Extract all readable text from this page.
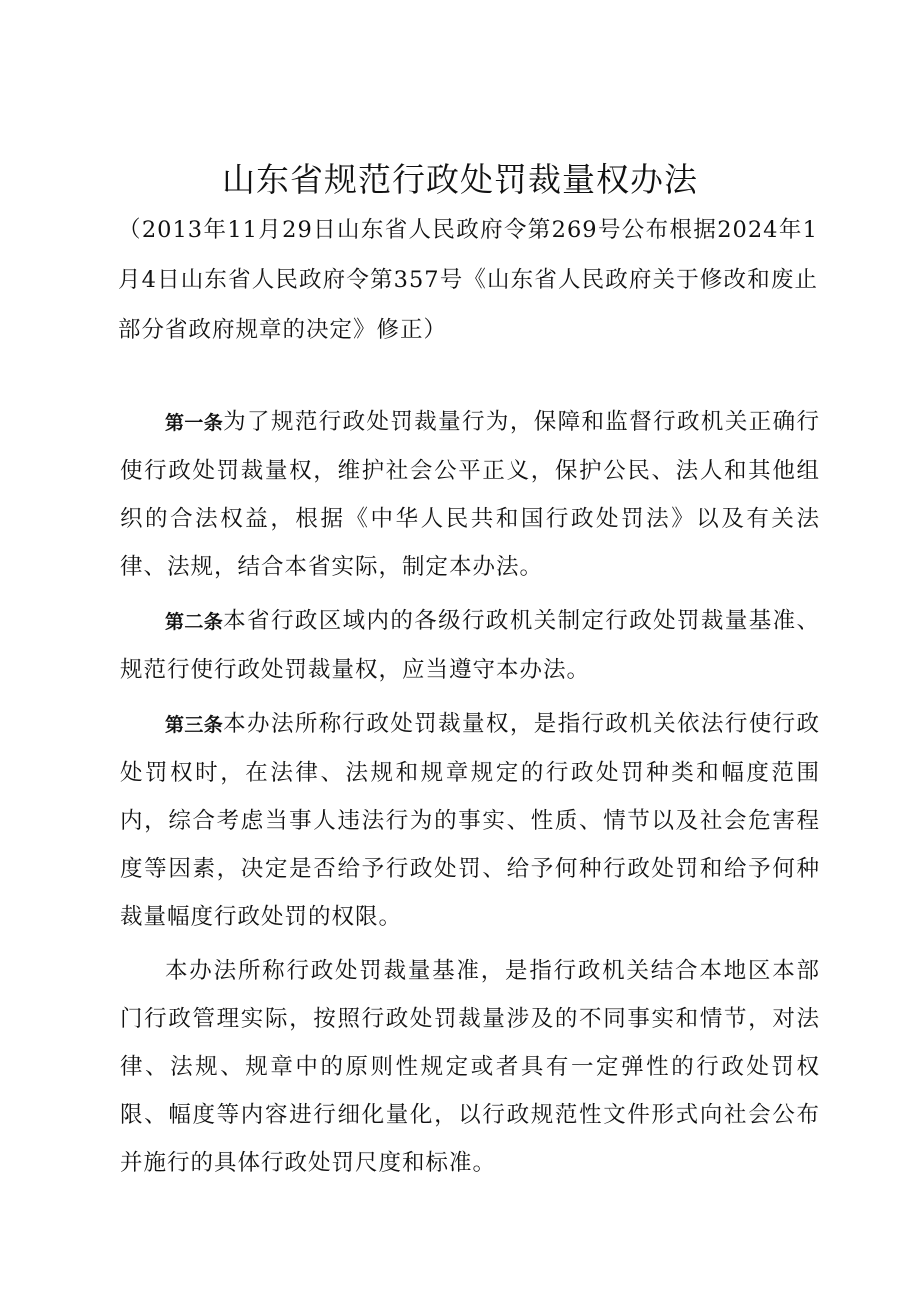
山东省规范行政处罚裁量权办法

（2013年11月29日山东省人民政府令第269号公布根据2024年1月4日山东省人民政府令第357号《山东省人民政府关于修改和废止部分省政府规章的决定》修正）

第一条为了规范行政处罚裁量行为，保障和监督行政机关正确行使行政处罚裁量权，维护社会公平正义，保护公民、法人和其他组织的合法权益，根据《中华人民共和国行政处罚法》以及有关法律、法规，结合本省实际，制定本办法。

第二条本省行政区域内的各级行政机关制定行政处罚裁量基准、规范行使行政处罚裁量权，应当遵守本办法。

第三条本办法所称行政处罚裁量权，是指行政机关依法行使行政处罚权时，在法律、法规和规章规定的行政处罚种类和幅度范围内，综合考虑当事人违法行为的事实、性质、情节以及社会危害程度等因素，决定是否给予行政处罚、给予何种行政处罚和给予何种裁量幅度行政处罚的权限。

本办法所称行政处罚裁量基准，是指行政机关结合本地区本部门行政管理实际，按照行政处罚裁量涉及的不同事实和情节，对法律、法规、规章中的原则性规定或者具有一定弹性的行政处罚权限、幅度等内容进行细化量化，以行政规范性文件形式向社会公布并施行的具体行政处罚尺度和标准。
